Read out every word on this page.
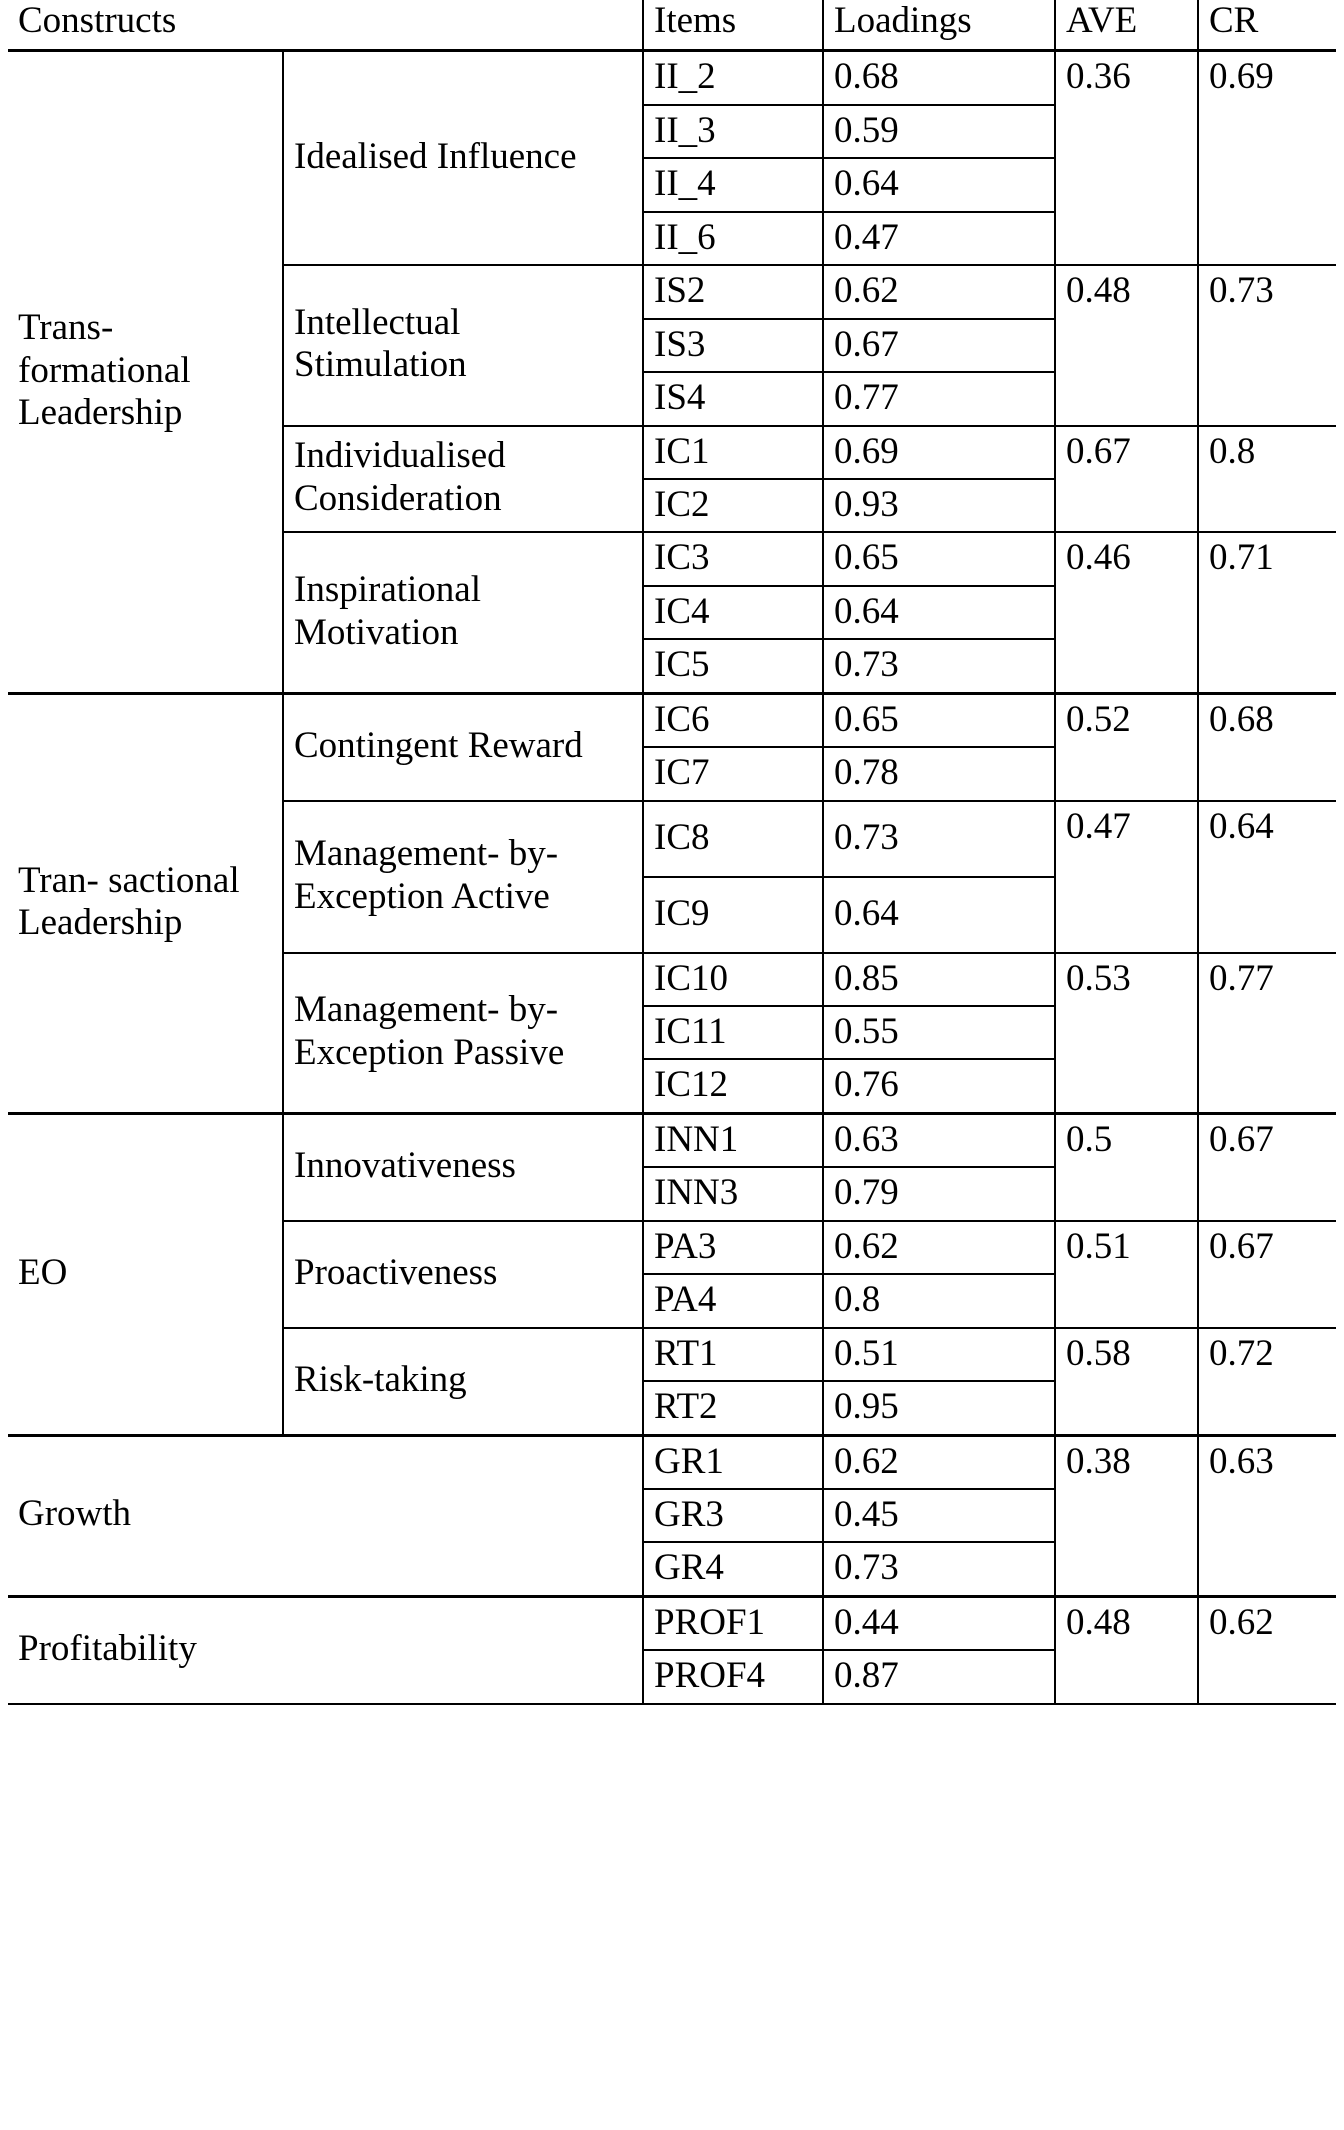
Constructs		Items	Loadings	AVE	CR
Trans- formational Leadership	Idealised Influence	II_2	0.68	0.36	0.69
		II_3	0.59		
		II_4	0.64		
		II_6	0.47		
	Intellectual Stimulation	IS2	0.62	0.48	0.73
		IS3	0.67		
		IS4	0.77		
	Individualised Consideration	IC1	0.69	0.67	0.8
		IC2	0.93		
	Inspirational Motivation	IC3	0.65	0.46	0.71
		IC4	0.64		
		IC5	0.73		
Tran- sactional Leadership	Contingent Reward	IC6	0.65	0.52	0.68
		IC7	0.78		
	Management- by- Exception Active	IC8	0.73	0.47	0.64
		IC9	0.64		
	Management- by- Exception Passive	IC10	0.85	0.53	0.77
		IC11	0.55		
		IC12	0.76		
EO	Innovativeness	INN1	0.63	0.5	0.67
		INN3	0.79		
	Proactiveness	PA3	0.62	0.51	0.67
		PA4	0.8		
	Risk-taking	RT1	0.51	0.58	0.72
		RT2	0.95		
Growth		GR1	0.62	0.38	0.63
		GR3	0.45		
		GR4	0.73		
Profitability		PROF1	0.44	0.48	0.62
		PROF4	0.87		
